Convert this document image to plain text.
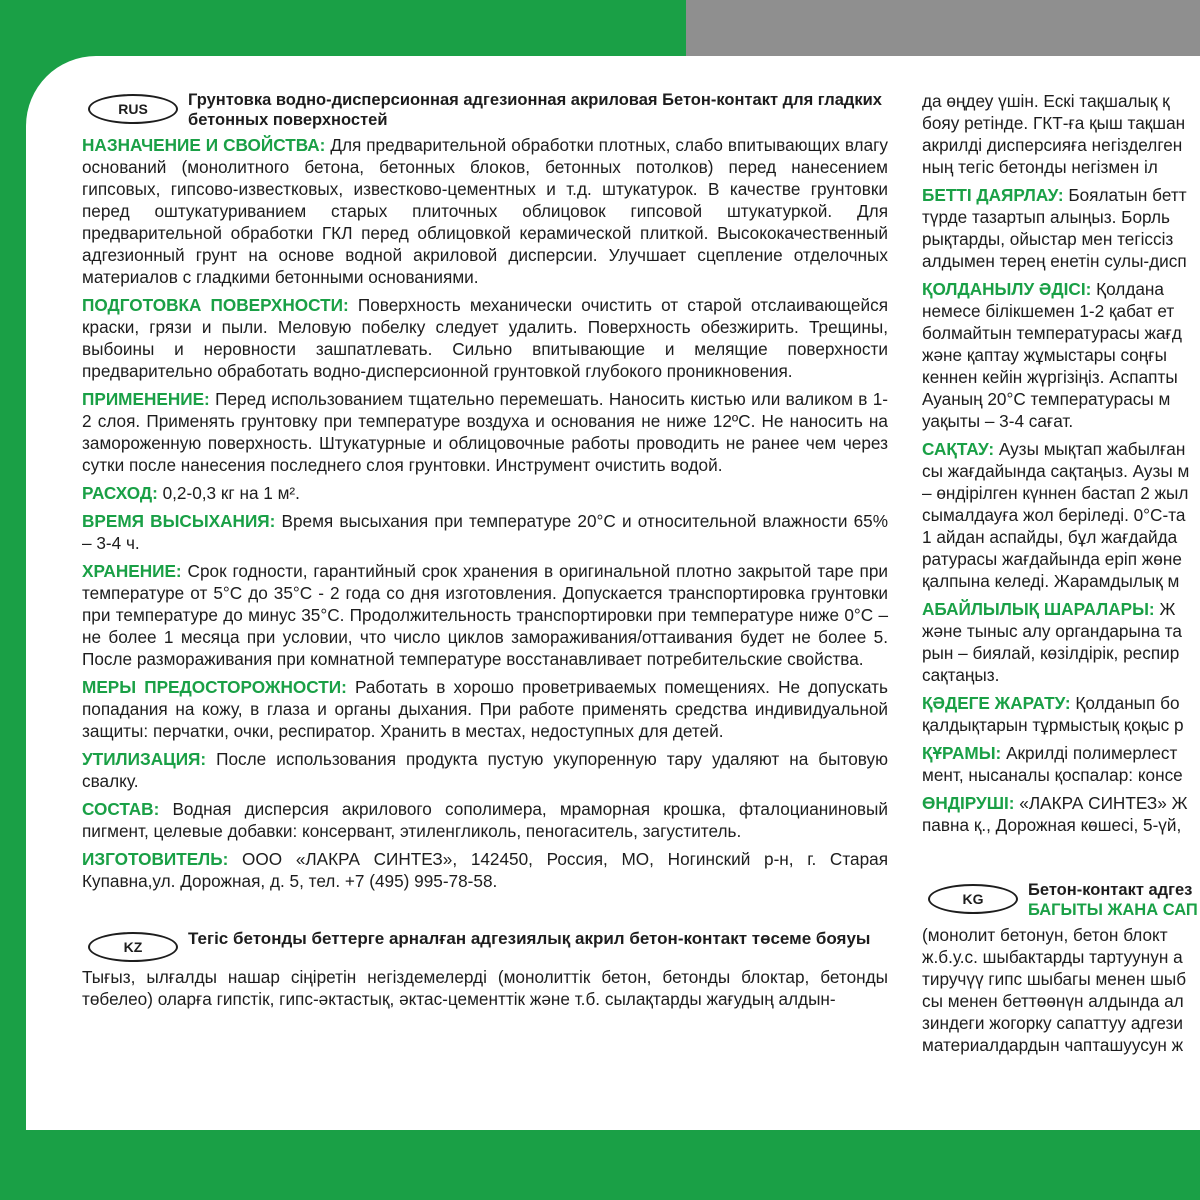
RUS	Грунтовка водно-дисперсионная адгезионная акриловая Бетон-контакт для гладких бетонных поверхностей

НАЗНАЧЕНИЕ И СВОЙСТВА: Для предварительной обработки плотных, слабо впитывающих влагу оснований (монолитного бетона, бетонных блоков, бетонных потолков) перед нанесением гипсовых, гипсово-известковых, известково-цементных и т.д. штукатурок. В качестве грунтовки перед оштукатуриванием старых плиточных облицовок гипсовой штукатуркой. Для предварительной обработки ГКЛ перед облицовкой керамической плиткой. Высококачественный адгезионный грунт на основе водной акриловой дисперсии. Улучшает сцепление отделочных материалов с гладкими бетонными основаниями.

ПОДГОТОВКА ПОВЕРХНОСТИ: Поверхность механически очистить от старой отслаивающейся краски, грязи и пыли. Меловую побелку следует удалить. Поверхность обезжирить. Трещины, выбоины и неровности зашпатлевать. Сильно впитывающие и мелящие поверхности предварительно обработать водно-дисперсионной грунтовкой глубокого проникновения.

ПРИМЕНЕНИЕ: Перед использованием тщательно перемешать. Наносить кистью или валиком в 1-2 слоя. Применять грунтовку при температуре воздуха и основания не ниже 12ºС. Не наносить на замороженную поверхность. Штукатурные и облицовочные работы проводить не ранее чем через сутки после нанесения последнего слоя грунтовки. Инструмент очистить водой.

РАСХОД: 0,2-0,3 кг на 1 м².

ВРЕМЯ ВЫСЫХАНИЯ: Время высыхания при температуре 20°С и относительной влажности 65% – 3-4 ч.

ХРАНЕНИЕ: Срок годности, гарантийный срок хранения в оригинальной плотно закрытой таре при температуре от 5°С до 35°С - 2 года со дня изготовления. Допускается транспортировка грунтовки при температуре до минус 35°С. Продолжительность транспортировки при температуре ниже 0°С – не более 1 месяца при условии, что число циклов замораживания/оттаивания будет не более 5. После размораживания при комнатной температуре восстанавливает потребительские свойства.

МЕРЫ ПРЕДОСТОРОЖНОСТИ: Работать в хорошо проветриваемых помещениях. Не допускать попадания на кожу, в глаза и органы дыхания. При работе применять средства индивидуальной защиты: перчатки, очки, респиратор. Хранить в местах, недоступных для детей.

УТИЛИЗАЦИЯ: После использования продукта пустую укупоренную тару удаляют на бытовую свалку.

СОСТАВ: Водная дисперсия акрилового сополимера, мраморная крошка, фталоцианиновый пигмент, целевые добавки: консервант, этиленгликоль, пеногаситель, загуститель.

ИЗГОТОВИТЕЛЬ: ООО «ЛАКРА СИНТЕЗ», 142450, Россия, МО, Ногинский р-н, г. Старая Купавна,ул. Дорожная, д. 5, тел. +7 (495) 995-78-58.

KZ	Тегіс бетонды беттерге арналған адгезиялық акрил бетон-контакт төсеме бояуы

Тығыз, ылғалды нашар сіңіретін негіздемелерді (монолиттік бетон, бетонды блоктар, бетонды төбелео) оларға гипстік, гипс-әктастық, әктас-цементтік және т.б. сылақтарды жағудың алдын-

да өңдеу үшін. Ескі тақшалық қ
бояу ретінде. ГКТ-ға қыш тақшан
акрилді дисперсияға негізделген
ның тегіс бетонды негізмен іл

БЕТТІ ДАЯРЛАУ: Боялатын бетт
түрде тазартып алыңыз. Борль
рықтарды, ойыстар мен тегіссіз
алдымен терең енетін сулы-дисп

ҚОЛДАНЫЛУ ӘДІСІ: Қолдана
немесе білікшемен 1-2 қабат ет
болмайтын температурасы жағд
және қаптау жұмыстары соңғы
кеннен кейін жүргізіңіз. Аспапты
Ауаның 20°С температурасы м
уақыты – 3-4 сағат.

САҚТАУ: Аузы мықтап жабылған
сы жағдайында сақтаңыз. Аузы м
– өндірілген күннен бастап 2 жыл
сымалдауға жол беріледі. 0°С-та
1 айдан аспайды, бұл жағдайда
ратурасы жағдайында еріп жөне
қалпына келеді. Жарамдылық м

АБАЙЛЫЛЫҚ ШАРАЛАРЫ: Ж
және тыныс алу органдарына та
рын – биялай, көзілдірік, респир
сақтаңыз.

ҚӘДЕГЕ ЖАРАТУ: Қолданып бо
қалдықтарын тұрмыстық қоқыс р

ҚҰРАМЫ: Акрилді полимерлест
мент, нысаналы қоспалар: консе

ӨНДІРУШІ: «ЛАКРА СИНТЕЗ» Ж
павна қ., Дорожная көшесі, 5-үй,

KG	Бетон-контакт адгез
БАГЫТЫ ЖАНА САП

(монолит бетонун, бетон блокт
ж.б.у.с. шыбактарды тартуунун а
тиручүү гипс шыбагы менен шыб
сы менен беттөөнүн алдында ал
зиндеги жогорку сапаттуу адгези
материалдардын чапташуусун ж
